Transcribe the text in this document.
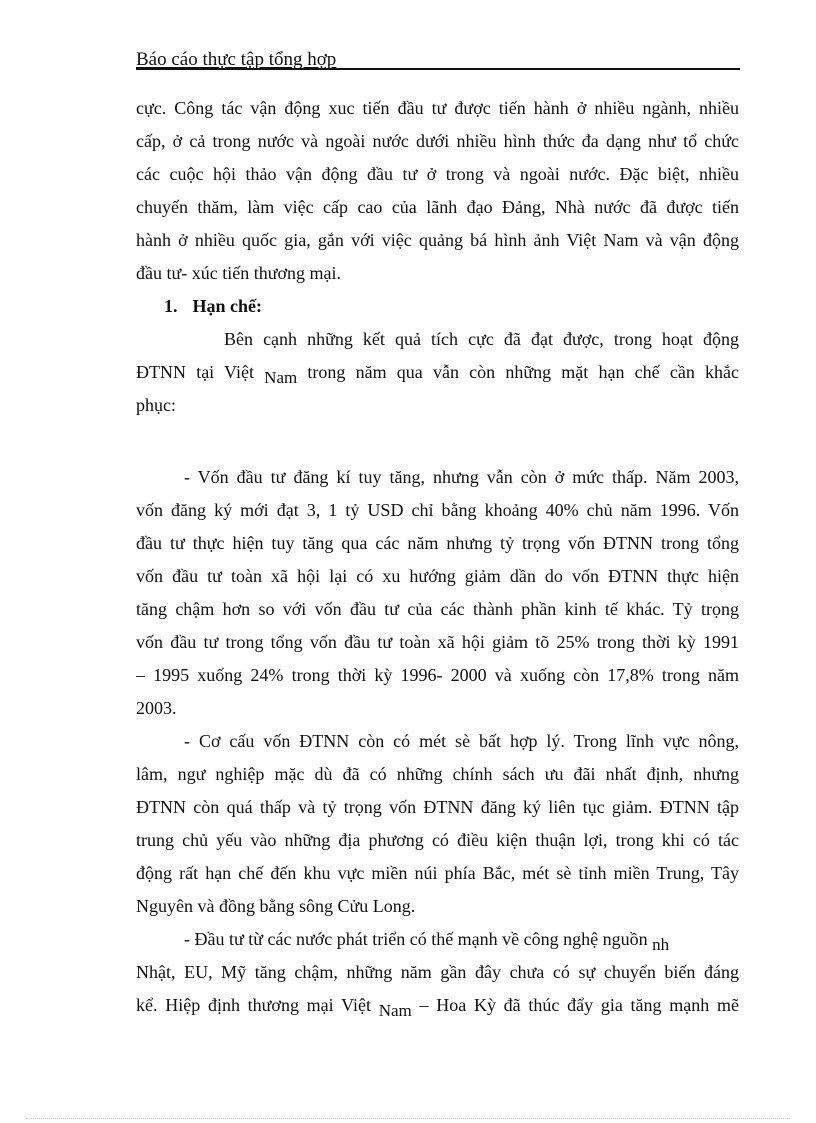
Báo cáo thực tập tổng hợp
cực. Công tác vận động xuc tiến đầu tư được tiến hành ở nhiều ngành, nhiều
cấp, ở cả trong nước và ngoài nước dưới nhiều hình thức đa dạng như tổ chức
các cuộc hội thảo vận động đầu tư ở trong và ngoài nước. Đặc biệt, nhiều
chuyến thăm, làm việc cấp cao của lãnh đạo Đảng, Nhà nước đã được tiến
hành ở nhiều quốc gia, gắn với việc quảng bá hình ảnh Việt Nam và vận động
đầu tư- xúc tiến thương mại.
1. Hạn chế:
Bên cạnh những kết quả tích cực đã đạt được, trong hoạt động
ĐTNN tại Việt Nam trong năm qua vẫn còn những mặt hạn chế cần khắc
phục:
- Vốn đầu tư đăng kí tuy tăng, nhưng vẫn còn ở mức thấp. Năm 2003,
vốn đăng ký mới đạt 3, 1 tỷ USD chỉ bằng khoảng 40% chủ năm 1996. Vốn
đầu tư thực hiện tuy tăng qua các năm nhưng tỷ trọng vốn ĐTNN trong tổng
vốn đầu tư toàn xã hội lại có xu hướng giảm dần do vốn ĐTNN thực hiện
tăng chậm hơn so với vốn đầu tư của các thành phần kinh tế khác. Tỷ trọng
vốn đầu tư trong tổng vốn đầu tư toàn xã hội giảm tõ 25% trong thời kỳ 1991
– 1995 xuống 24% trong thời kỳ 1996- 2000 và xuống còn 17,8% trong năm
2003.
- Cơ cấu vốn ĐTNN còn có mét sè bất hợp lý. Trong lĩnh vực nông,
lâm, ngư nghiệp mặc dù đã có những chính sách ưu đãi nhất định, nhưng
ĐTNN còn quá thấp và tỷ trọng vốn ĐTNN đăng ký liên tục giảm. ĐTNN tập
trung chủ yếu vào những địa phương có điều kiện thuận lợi, trong khi có tác
động rất hạn chế đến khu vực miền núi phía Bắc, mét sè tỉnh miền Trung, Tây
Nguyên và đồng bằng sông Cửu Long.
- Đầu tư từ các nước phát triển có thế mạnh về công nghệ nguồn nh
Nhật, EU, Mỹ tăng chậm, những năm gần đây chưa có sự chuyển biến đáng
kể. Hiệp định thương mại Việt Nam – Hoa Kỳ đã thúc đẩy gia tăng mạnh mẽ
